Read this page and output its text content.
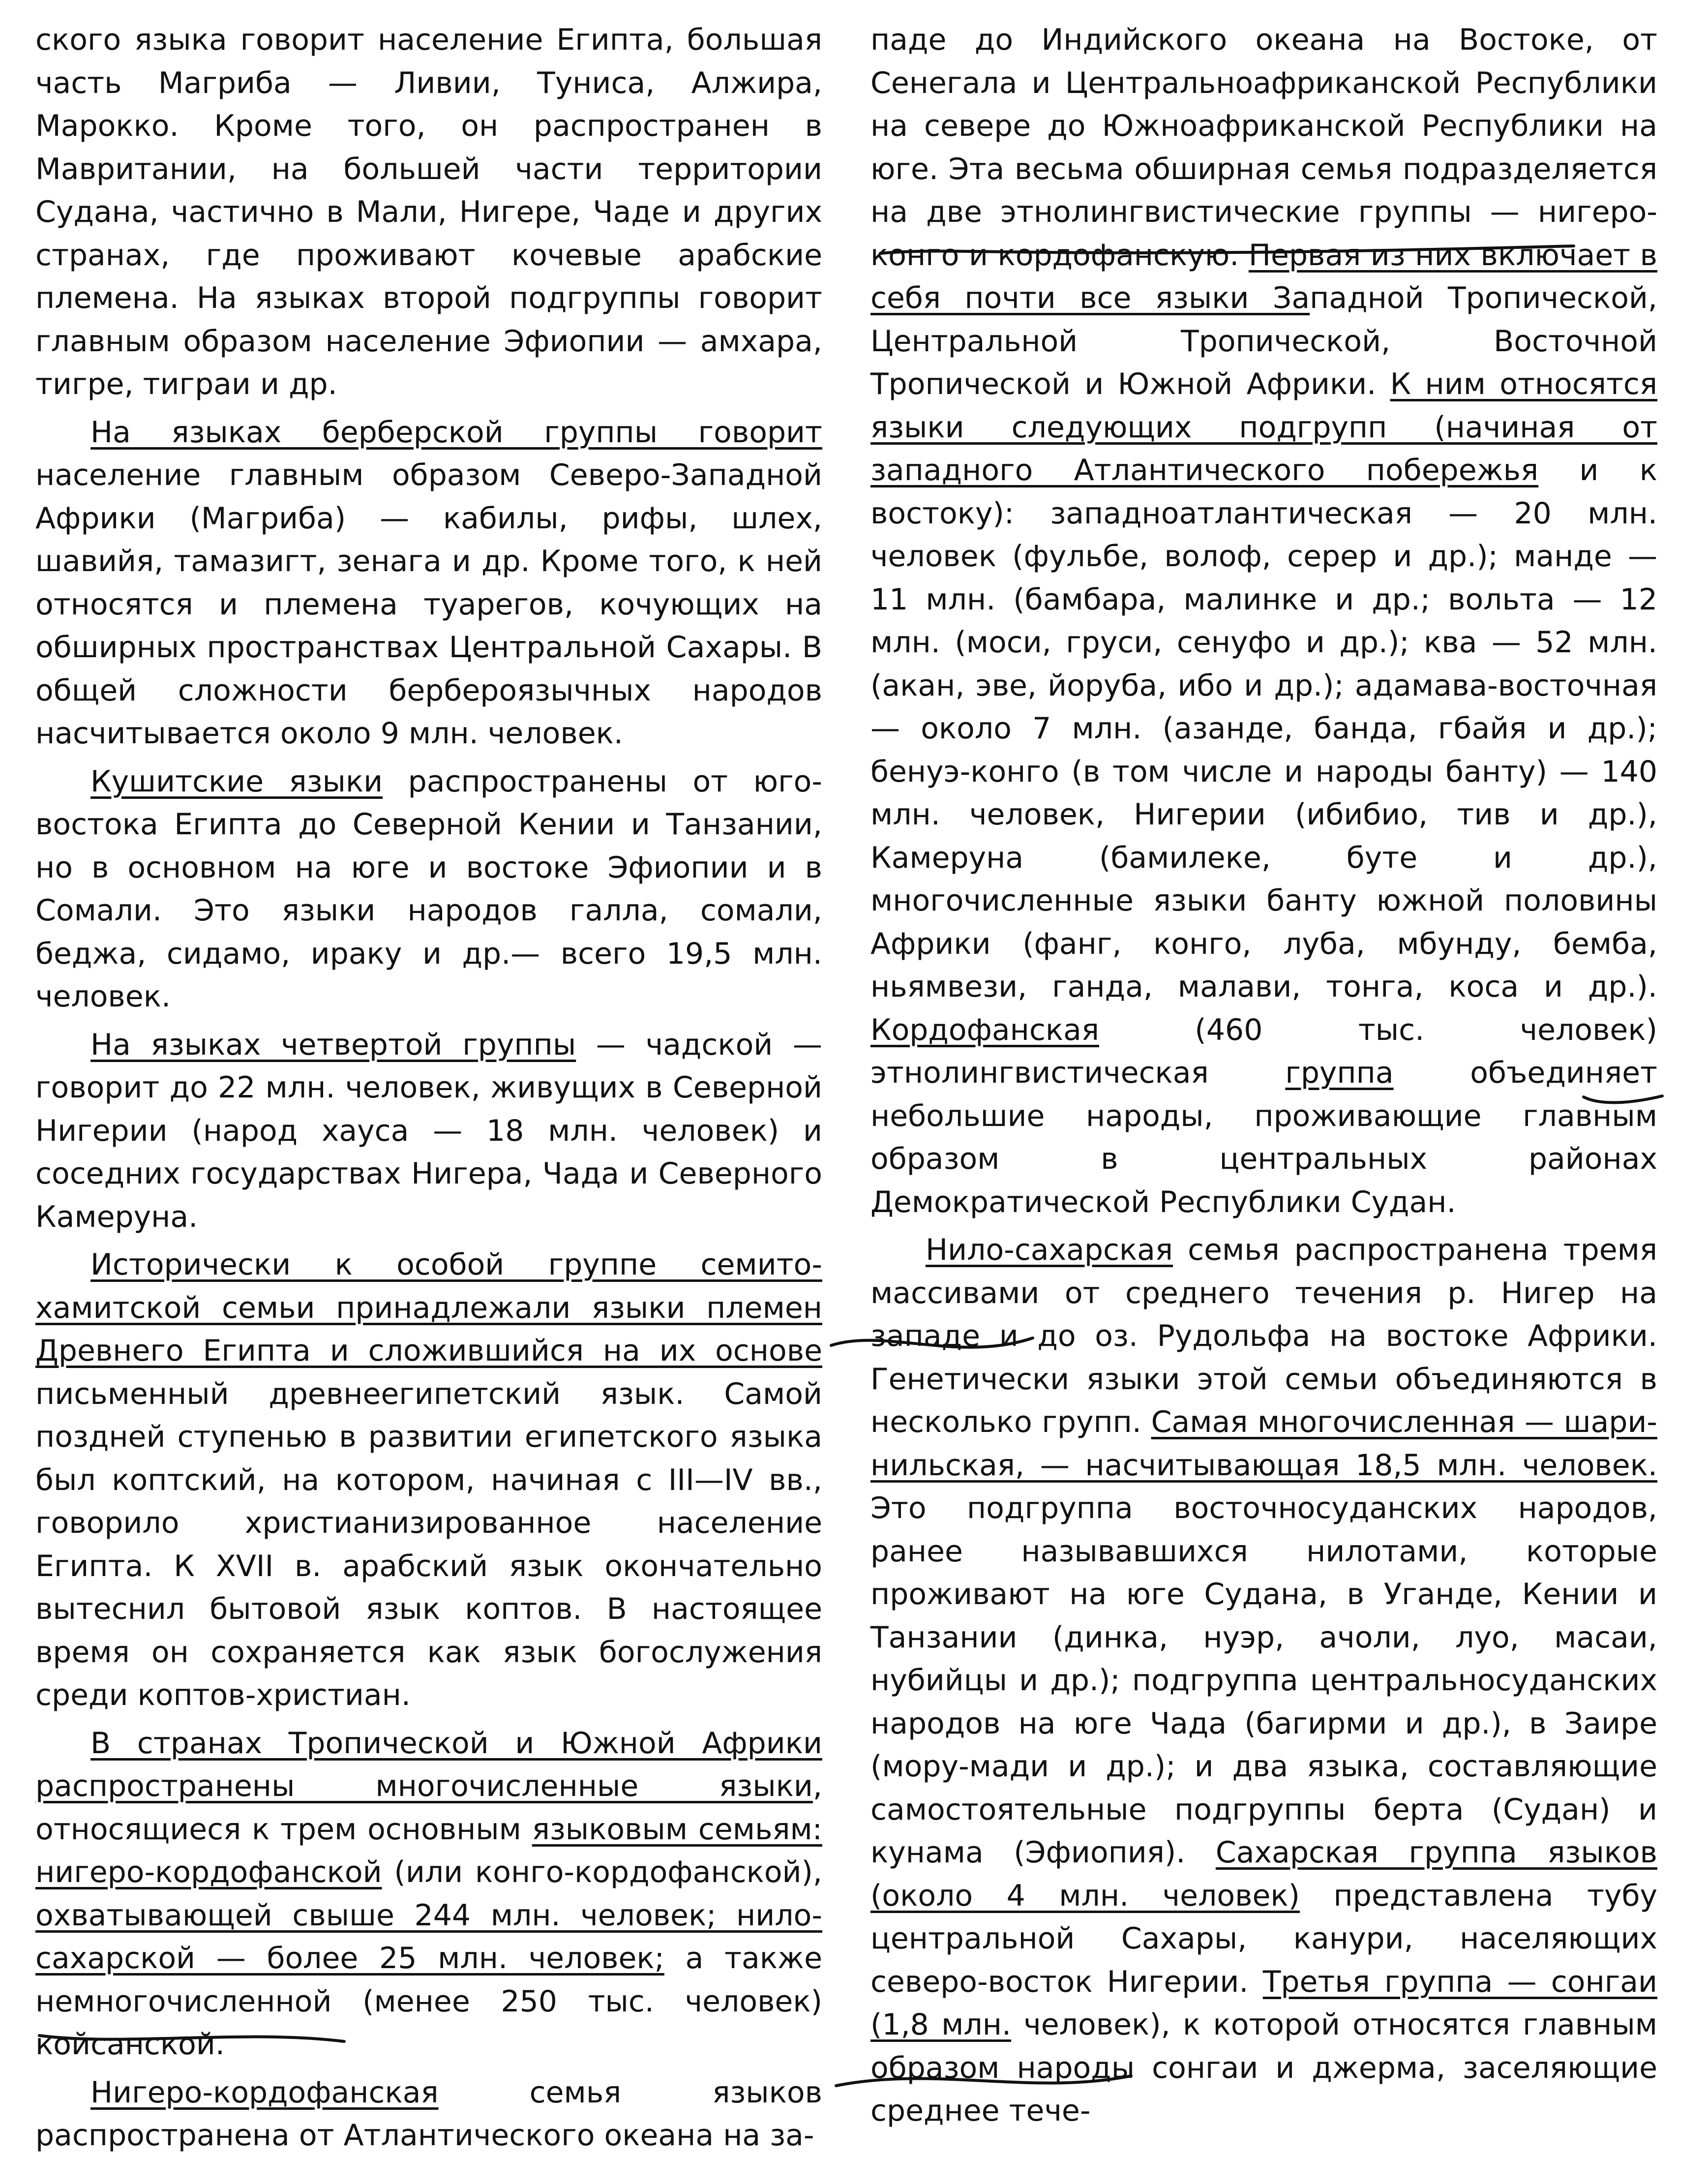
ского языка говорит население Египта, большая часть Магриба — Ливии, Туниса, Алжира, Марокко. Кроме того, он распространен в Мавритании, на большей части территории Судана, частично в Мали, Нигере, Чаде и других странах, где проживают кочевые арабские племена. На языках второй подгруппы говорит главным образом население Эфиопии — амхара, тигре, тиграи и др.

На языках берберской группы говорит население главным образом Северо-Западной Африки (Магриба) — кабилы, рифы, шлех, шавийя, тамазигт, зенага и др. Кроме того, к ней относятся и племена туарегов, кочующих на обширных пространствах Центральной Сахары. В общей сложности берберoязычных народов насчитывается около 9 млн. человек.

Кушитские языки распространены от юго-востока Египта до Северной Кении и Танзании, но в основном на юге и востоке Эфиопии и в Сомали. Это языки народов галла, сомали, беджа, сидамо, ираку и др.— всего 19,5 млн. человек.

На языках четвертой группы — чадской — говорит до 22 млн. человек, живущих в Северной Нигерии (народ хауса — 18 млн. человек) и соседних государствах Нигера, Чада и Северного Камеруна.

Исторически к особой группе семито-хамитской семьи принадлежали языки племен Древнего Египта и сложившийся на их основе письменный древнеегипетский язык. Самой поздней ступенью в развитии египетского языка был коптский, на котором, начиная с III—IV вв., говорило христианизированное население Египта. К XVII в. арабский язык окончательно вытеснил бытовой язык коптов. В настоящее время он сохраняется как язык богослужения среди коптов-христиан.

В странах Тропической и Южной Африки распространены многочисленные языки, относящиеся к трем основным языковым семьям: нигеро-кордофанской (или конго-кордофанской), охватывающей свыше 244 млн. человек; нило-сахарской — более 25 млн. человек; а также немногочисленной (менее 250 тыс. человек) койсанской.

Нигеро-кордофанская семья языков распространена от Атлантического океана на за-

паде до Индийского океана на Востоке, от Сенегала и Центральноафриканской Республики на севере до Южноафриканской Республики на юге. Эта весьма обширная семья подразделяется на две этнолингвистические группы — нигеро-конго и кордофанскую. Первая из них включает в себя почти все языки Западной Тропической, Центральной Тропической, Восточной Тропической и Южной Африки. К ним относятся языки следующих подгрупп (начиная от западного Атлантического побережья и к востоку): западноатлантическая — 20 млн. человек (фульбе, волоф, серер и др.); манде — 11 млн. (бамбара, малинке и др.; вольта — 12 млн. (моси, груси, сенуфо и др.); ква — 52 млн. (акан, эве, йоруба, ибо и др.); адамава-восточная — около 7 млн. (азанде, банда, гбайя и др.); бенуэ-конго (в том числе и народы банту) — 140 млн. человек, Нигерии (ибибио, тив и др.), Камеруна (бамилеке, буте и др.), многочисленные языки банту южной половины Африки (фанг, конго, луба, мбунду, бемба, ньямвези, ганда, малави, тонга, коса и др.). Кордофанская (460 тыс. человек) этнолингвистическая группа объединяет небольшие народы, проживающие главным образом в центральных районах Демократической Республики Судан.

Нило-сахарская семья распространена тремя массивами от среднего течения р. Нигер на западе и до оз. Рудольфа на востоке Африки. Генетически языки этой семьи объединяются в несколько групп. Самая многочисленная — шари-нильская, — насчитывающая 18,5 млн. человек. Это подгруппа восточносуданских народов, ранее называвшихся нилотами, которые проживают на юге Судана, в Уганде, Кении и Танзании (динка, нуэр, ачоли, луо, масаи, нубийцы и др.); подгруппа центральносуданских народов на юге Чада (багирми и др.), в Заире (мору-мади и др.); и два языка, составляющие самостоятельные подгруппы берта (Судан) и кунама (Эфиопия). Сахарская группа языков (около 4 млн. человек) представлена тубу центральной Сахары, канури, населяющих северо-восток Нигерии. Третья группа — сонгаи (1,8 млн. человек), к которой относятся главным образом народы сонгаи и джерма, заселяющие среднее тече-
